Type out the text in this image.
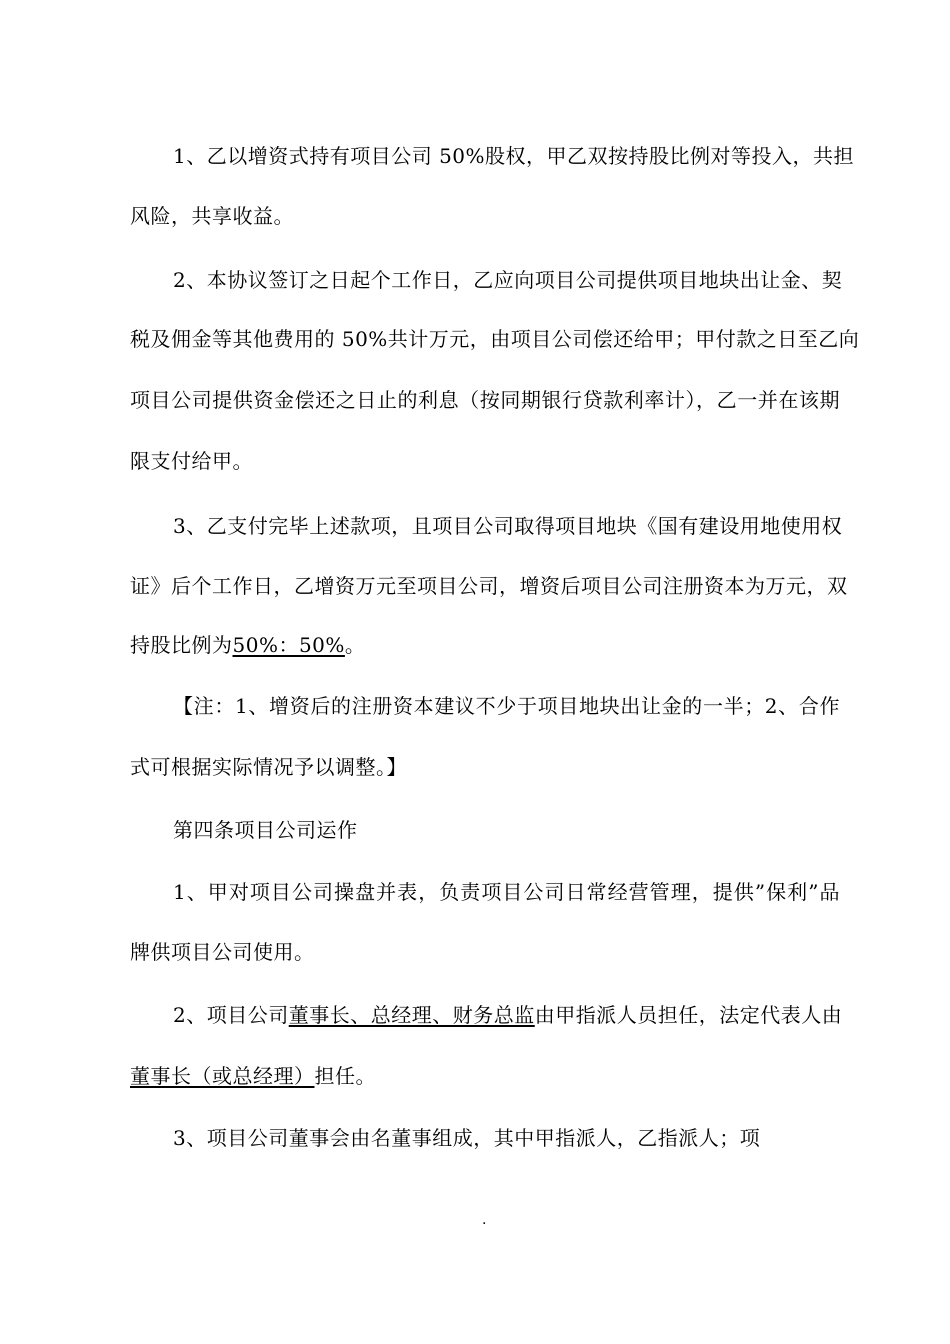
1、乙以增资式持有项目公司 50%股权，甲乙双按持股比例对等投入，共担
风险，共享收益。
2、本协议签订之日起个工作日，乙应向项目公司提供项目地块出让金、契
税及佣金等其他费用的 50%共计万元，由项目公司偿还给甲；甲付款之日至乙向
项目公司提供资金偿还之日止的利息（按同期银行贷款利率计），乙一并在该期
限支付给甲。
3、乙支付完毕上述款项，且项目公司取得项目地块《国有建设用地使用权
证》后个工作日，乙增资万元至项目公司，增资后项目公司注册资本为万元，双
持股比例为50%：50%。
【注：1、增资后的注册资本建议不少于项目地块出让金的一半；2、合作
式可根据实际情况予以调整。】
第四条项目公司运作
1、甲对项目公司操盘并表，负责项目公司日常经营管理，提供”保利”品
牌供项目公司使用。
2、项目公司董事长、总经理、财务总监由甲指派人员担任，法定代表人由
董事长（或总经理）担任。
3、项目公司董事会由名董事组成，其中甲指派人，乙指派人；项
.
